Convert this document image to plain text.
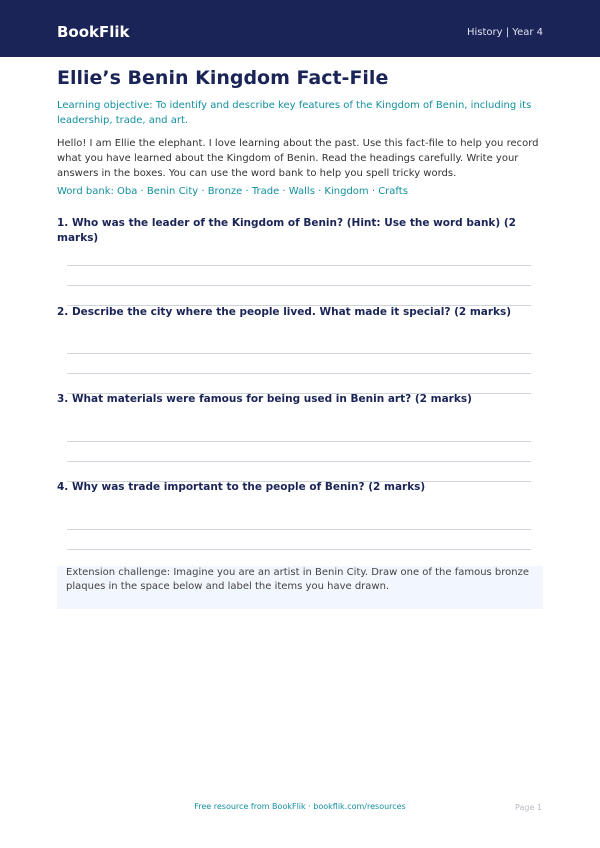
BookFlik	History | Year 4
Ellie’s Benin Kingdom Fact-File
Learning objective: To identify and describe key features of the Kingdom of Benin, including its leadership, trade, and art.
Hello! I am Ellie the elephant. I love learning about the past. Use this fact-file to help you record what you have learned about the Kingdom of Benin. Read the headings carefully. Write your answers in the boxes. You can use the word bank to help you spell tricky words.
Word bank: Oba · Benin City · Bronze · Trade · Walls · Kingdom · Crafts
1. Who was the leader of the Kingdom of Benin? (Hint: Use the word bank) (2 marks)
2. Describe the city where the people lived. What made it special? (2 marks)
3. What materials were famous for being used in Benin art? (2 marks)
4. Why was trade important to the people of Benin? (2 marks)
Extension challenge: Imagine you are an artist in Benin City. Draw one of the famous bronze plaques in the space below and label the items you have drawn.
Free resource from BookFlik · bookflik.com/resources	Page 1
